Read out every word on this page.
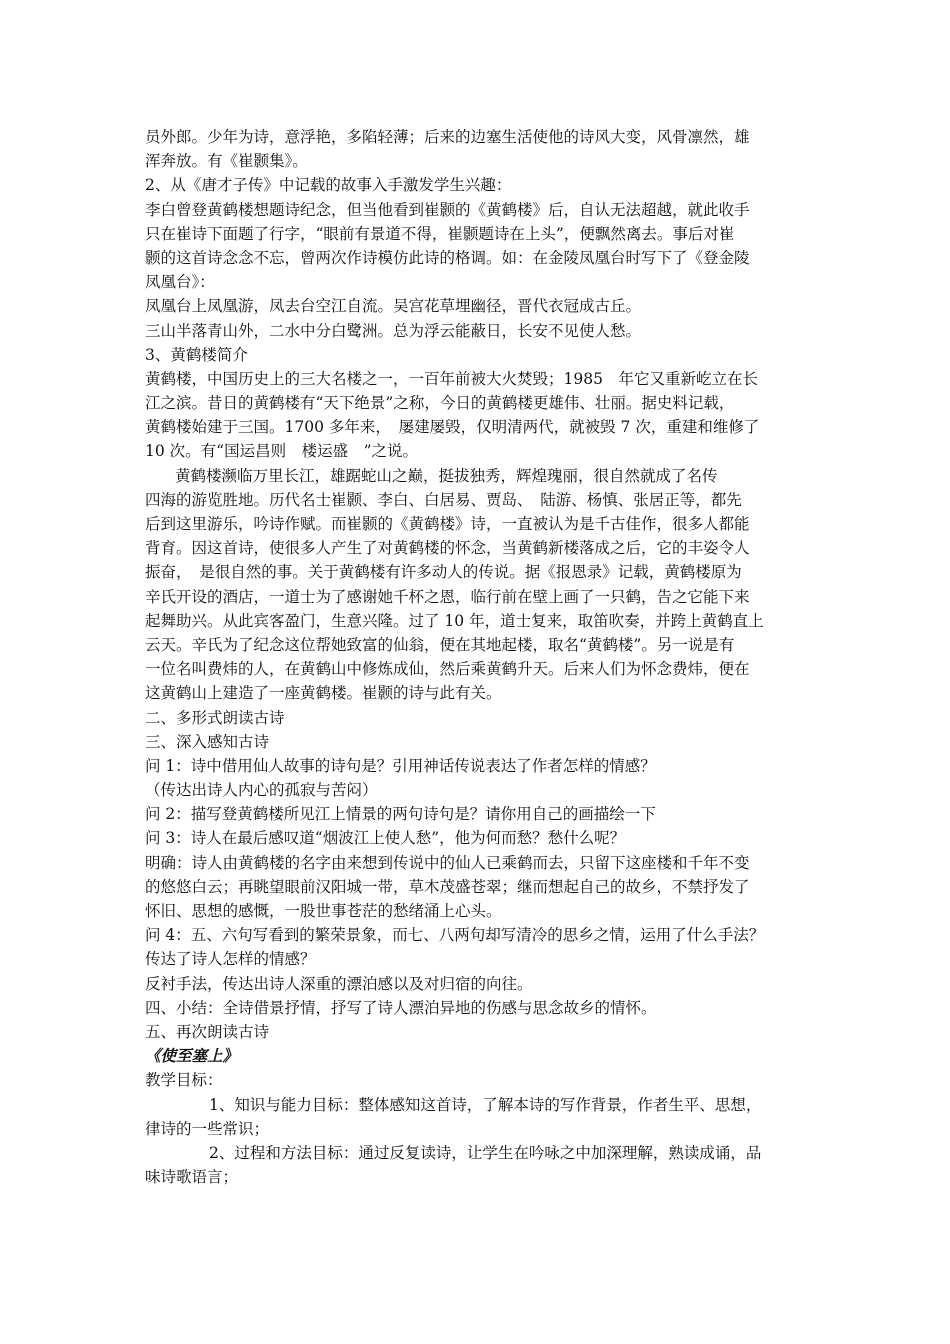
员外郎。少年为诗，意浮艳，多陷轻薄；后来的边塞生活使他的诗风大变，风骨凛然，雄
浑奔放。有《崔颢集》。
2、从《唐才子传》中记载的故事入手激发学生兴趣：
李白曾登黄鹤楼想题诗纪念，但当他看到崔颢的《黄鹤楼》后，自认无法超越，就此收手
只在崔诗下面题了行字，“眼前有景道不得，崔颢题诗在上头”，便飘然离去。事后对崔
颢的这首诗念念不忘，曾两次作诗模仿此诗的格调。如：在金陵凤凰台时写下了《登金陵
凤凰台》：
凤凰台上凤凰游，凤去台空江自流。吴宫花草埋幽径，晋代衣冠成古丘。
三山半落青山外，二水中分白鹭洲。总为浮云能蔽日，长安不见使人愁。
3、黄鹤楼简介
黄鹤楼，中国历史上的三大名楼之一，一百年前被大火焚毁；1985　年它又重新屹立在长
江之滨。昔日的黄鹤楼有“天下绝景”之称，今日的黄鹤楼更雄伟、壮丽。据史料记载，
黄鹤楼始建于三国。1700 多年来，　屡建屡毁，仅明清两代，就被毁 7 次，重建和维修了
10 次。有“国运昌则　楼运盛　”之说。
黄鹤楼濒临万里长江，雄踞蛇山之巅，挺拔独秀，辉煌瑰丽，很自然就成了名传
四海的游览胜地。历代名士崔颢、李白、白居易、贾岛、　陆游、杨慎、张居正等，都先
后到这里游乐，吟诗作赋。而崔颢的《黄鹤楼》诗，一直被认为是千古佳作，很多人都能
背育。因这首诗，使很多人产生了对黄鹤楼的怀念，当黄鹤新楼落成之后，它的丰姿令人
振奋，　是很自然的事。关于黄鹤楼有许多动人的传说。据《报恩录》记载，黄鹤楼原为
辛氏开设的酒店，一道士为了感谢她千杯之恩，临行前在壁上画了一只鹤，告之它能下来
起舞助兴。从此宾客盈门，生意兴隆。过了 10 年，道士复来，取笛吹奏，并跨上黄鹤直上
云天。辛氏为了纪念这位帮她致富的仙翁，便在其地起楼，取名“黄鹤楼”。另一说是有
一位名叫费炜的人，在黄鹤山中修炼成仙，然后乘黄鹤升天。后来人们为怀念费炜，便在
这黄鹤山上建造了一座黄鹤楼。崔颢的诗与此有关。
二、多形式朗读古诗
三、深入感知古诗
问 1：诗中借用仙人故事的诗句是？引用神话传说表达了作者怎样的情感？
（传达出诗人内心的孤寂与苦闷）
问 2：描写登黄鹤楼所见江上情景的两句诗句是？请你用自己的画描绘一下
问 3：诗人在最后感叹道“烟波江上使人愁”，他为何而愁？愁什么呢？
明确：诗人由黄鹤楼的名字由来想到传说中的仙人已乘鹤而去，只留下这座楼和千年不变
的悠悠白云；再眺望眼前汉阳城一带，草木茂盛苍翠；继而想起自己的故乡，不禁抒发了
怀旧、思想的感慨，一股世事苍茫的愁绪涌上心头。
问 4：五、六句写看到的繁荣景象，而七、八两句却写清冷的思乡之情，运用了什么手法？
传达了诗人怎样的情感？
反衬手法，传达出诗人深重的漂泊感以及对归宿的向往。
四、小结：全诗借景抒情，抒写了诗人漂泊异地的伤感与思念故乡的情怀。
五、再次朗读古诗
《使至塞上》
教学目标：
1、知识与能力目标：整体感知这首诗，了解本诗的写作背景，作者生平、思想，
律诗的一些常识；
2、过程和方法目标：通过反复读诗，让学生在吟咏之中加深理解，熟读成诵，品
味诗歌语言；
